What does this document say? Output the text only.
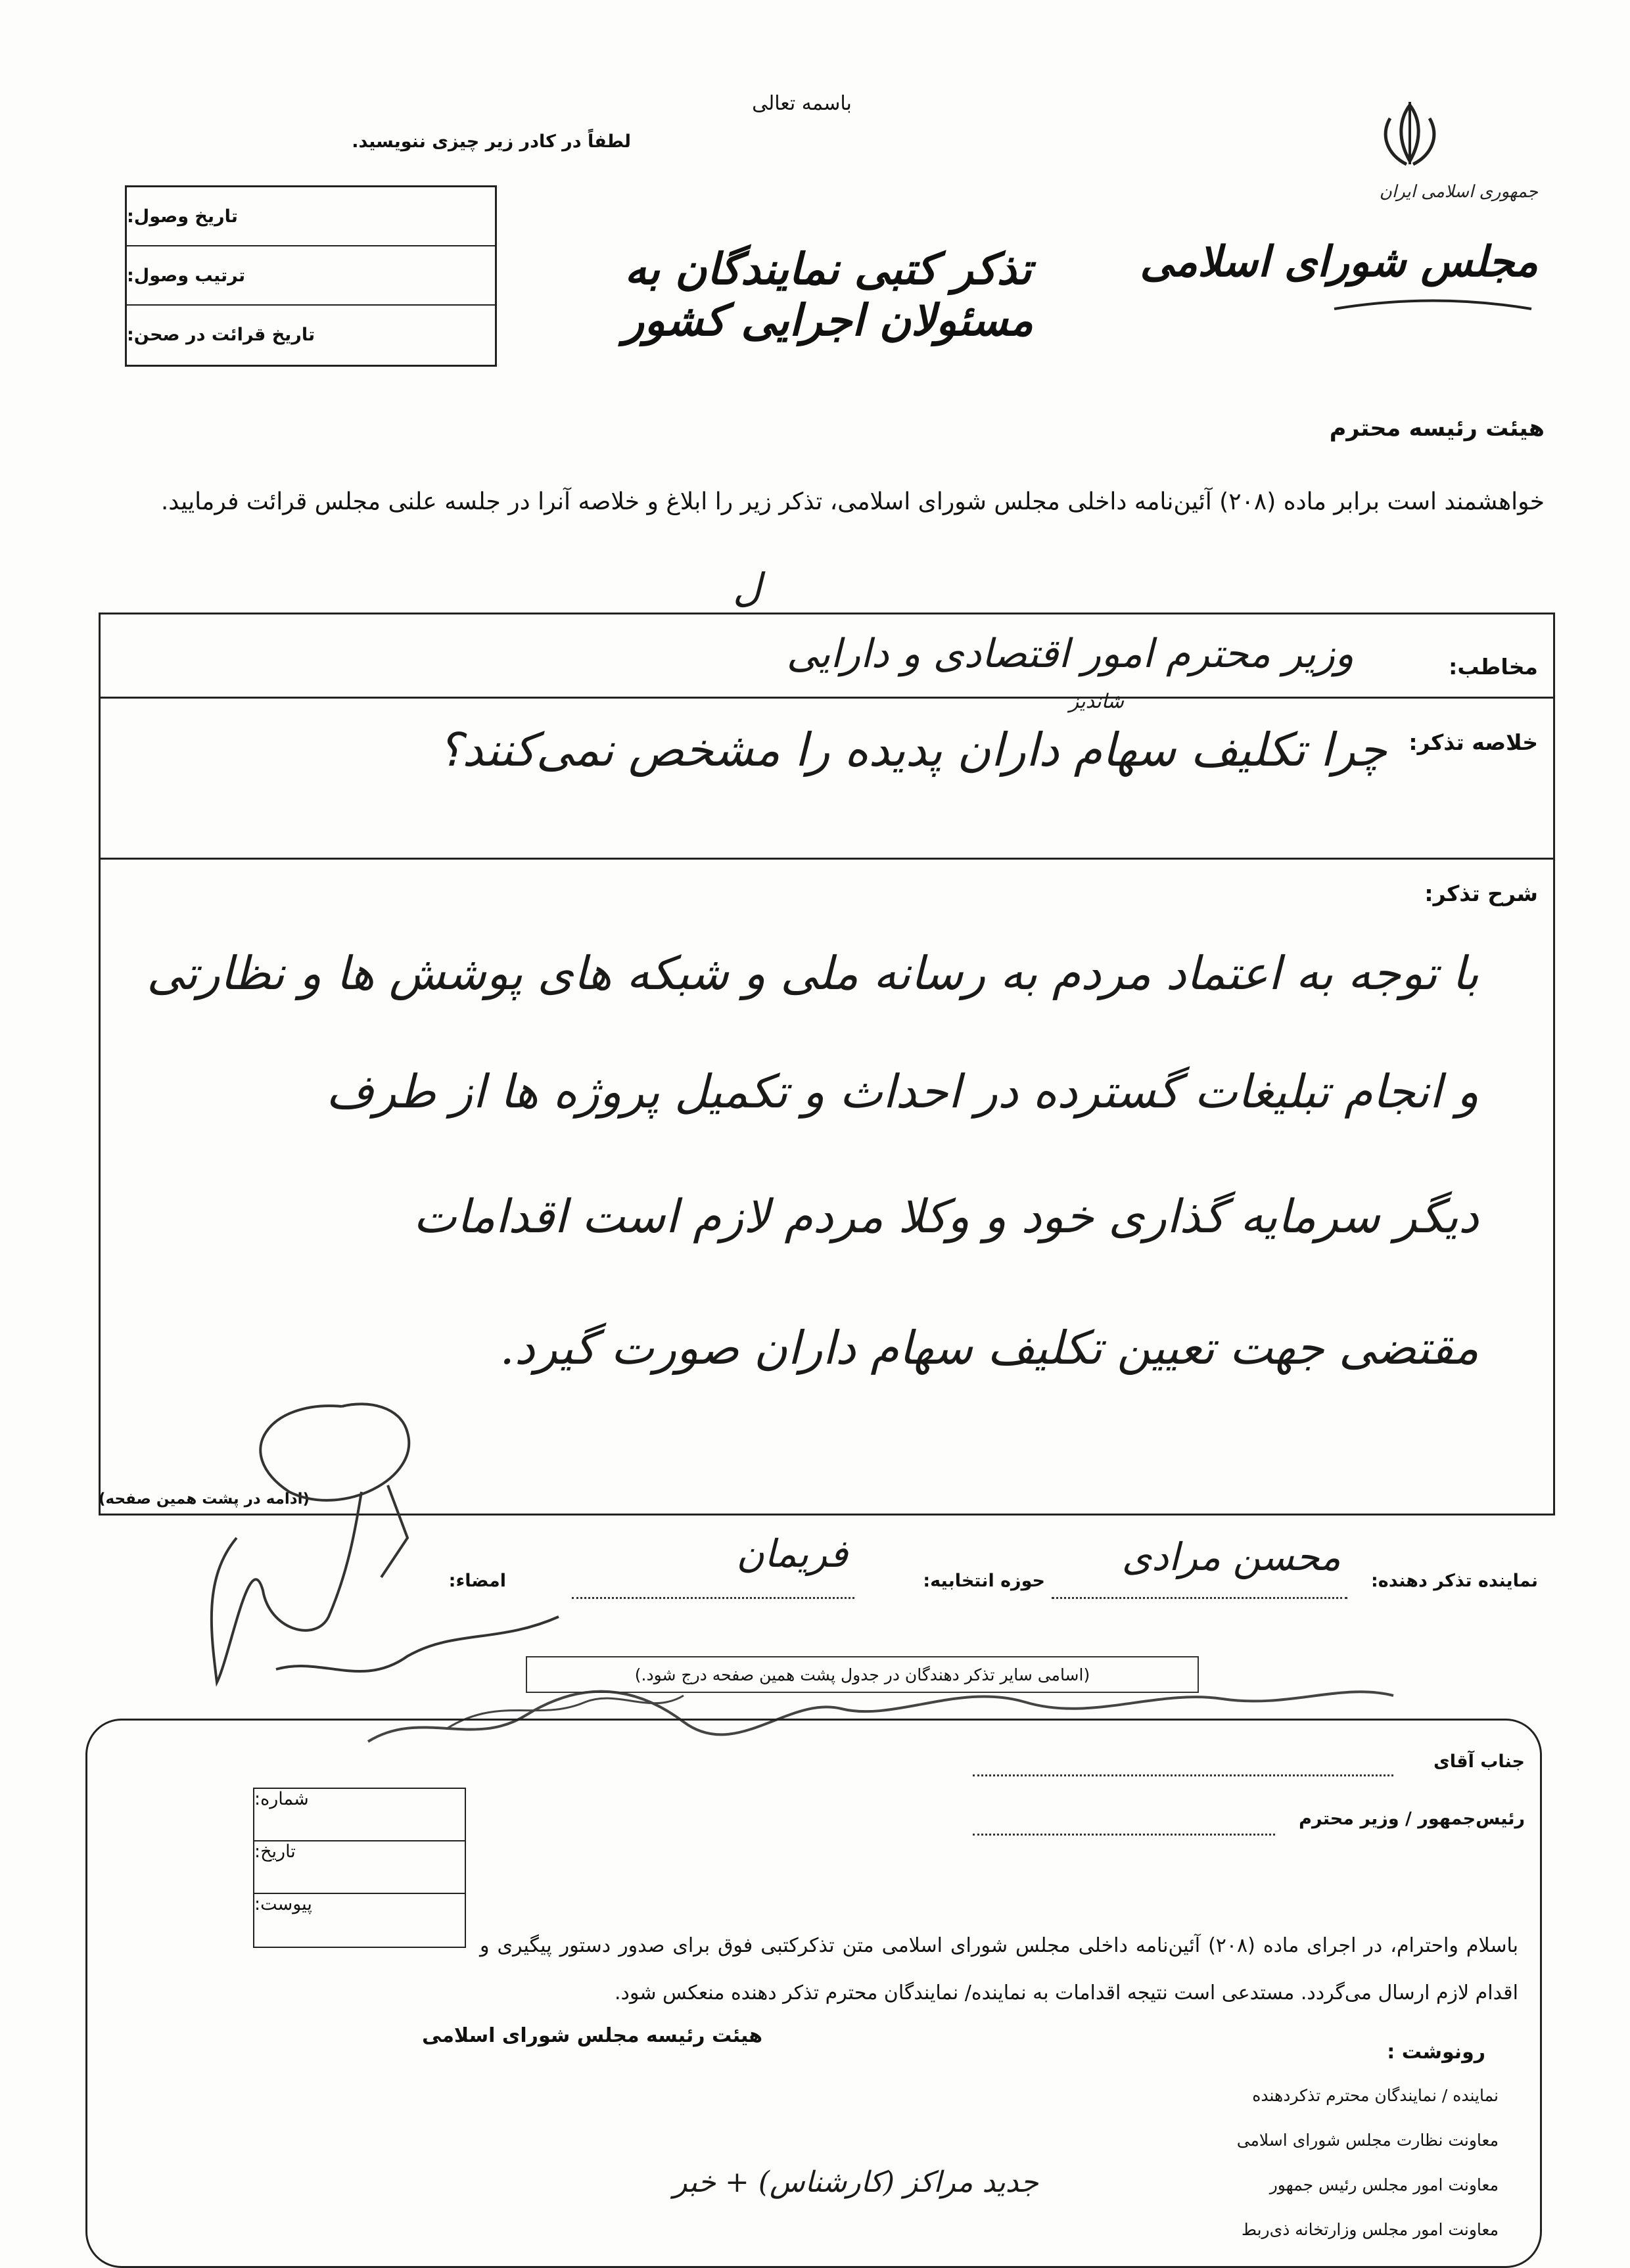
جمهوری اسلامی ایران
مجلس شورای اسلامی
باسمه تعالی
لطفاً در کادر زیر چیزی ننویسید.
تاریخ وصول:
ترتیب وصول:
تاریخ قرائت در صحن:
تذکر کتبی نمایندگان به مسئولان اجرایی کشور
هیئت رئیسه محترم
خواهشمند است برابر ماده (۲۰۸) آئین‌نامه داخلی مجلس شورای اسلامی، تذکر زیر را ابلاغ و خلاصه آنرا در جلسه علنی مجلس قرائت فرمایید.
مخاطب:
وزیر محترم امور اقتصادی و دارایی
ل
خلاصه تذکر:
شاندیز
چرا تکلیف سهام داران پدیده را مشخص نمی‌کنند؟
شرح تذکر:
با توجه به اعتماد مردم به رسانه ملی و شبکه های پوشش ها و نظارتی
و انجام تبلیغات گسترده در احداث و تکمیل پروژه ها از طرف
دیگر سرمایه گذاری خود و وکلا مردم لازم است اقدامات
مقتضی جهت تعیین تکلیف سهام داران صورت گیرد.
(ادامه در پشت همین صفحه)
نماینده تذکر دهنده:
محسن مرادی
حوزه انتخابیه:
فریمان
امضاء:
(اسامی سایر تذکر دهندگان در جدول پشت همین صفحه درج شود.)
جناب آقای
رئیس‌جمهور / وزیر محترم
شماره:
تاریخ:
پیوست:
باسلام واحترام، در اجرای ماده (۲۰۸) آئین‌نامه داخلی مجلس شورای اسلامی متن تذکرکتبی فوق برای صدور دستور پیگیری و اقدام لازم ارسال می‌گردد. مستدعی است نتیجه اقدامات به نماینده/ نمایندگان محترم تذکر دهنده منعکس شود.
هیئت رئیسه مجلس شورای اسلامی
رونوشت :
نماینده / نمایندگان محترم تذکردهنده
معاونت نظارت مجلس شورای اسلامی
معاونت امور مجلس رئیس جمهور
معاونت امور مجلس وزارتخانه ذی‌ربط
جدید مراکز (کارشناس) + خبر
